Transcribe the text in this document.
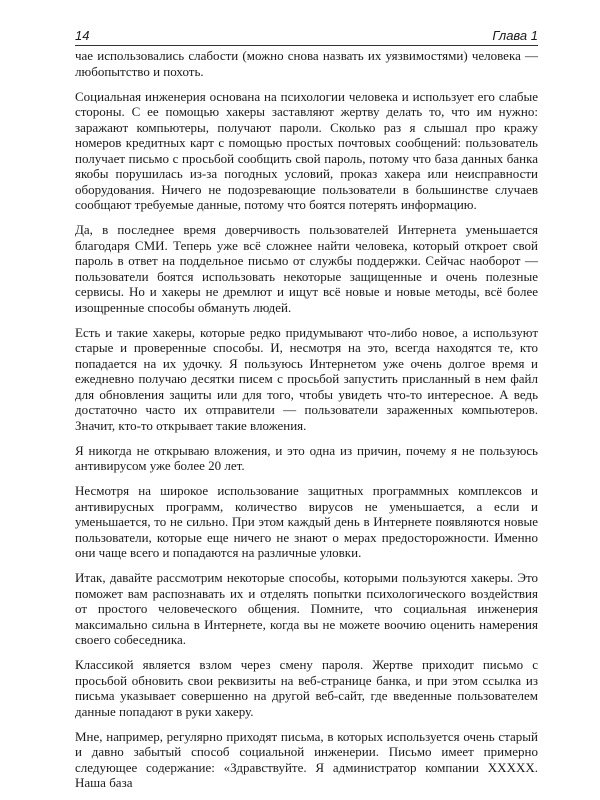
14	Глава 1

чае использовались слабости (можно снова назвать их уязвимостями) человека — любопытство и похоть.

Социальная инженерия основана на психологии человека и использует его слабые стороны. С ее помощью хакеры заставляют жертву делать то, что им нужно: заражают компьютеры, получают пароли. Сколько раз я слышал про кражу номеров кредитных карт с помощью простых почтовых сообщений: пользователь получает письмо с просьбой сообщить свой пароль, потому что база данных банка якобы порушилась из-за погодных условий, проказ хакера или неисправности оборудования. Ничего не подозревающие пользователи в большинстве случаев сообщают требуемые данные, потому что боятся потерять информацию.

Да, в последнее время доверчивость пользователей Интернета уменьшается благодаря СМИ. Теперь уже всё сложнее найти человека, который откроет свой пароль в ответ на поддельное письмо от службы поддержки. Сейчас наоборот — пользователи боятся использовать некоторые защищенные и очень полезные сервисы. Но и хакеры не дремлют и ищут всё новые и новые методы, всё более изощренные способы обмануть людей.

Есть и такие хакеры, которые редко придумывают что-либо новое, а используют старые и проверенные способы. И, несмотря на это, всегда находятся те, кто попадается на их удочку. Я пользуюсь Интернетом уже очень долгое время и ежедневно получаю десятки писем с просьбой запустить присланный в нем файл для обновления защиты или для того, чтобы увидеть что-то интересное. А ведь достаточно часто их отправители — пользователи зараженных компьютеров. Значит, кто-то открывает такие вложения.

Я никогда не открываю вложения, и это одна из причин, почему я не пользуюсь антивирусом уже более 20 лет.

Несмотря на широкое использование защитных программных комплексов и антивирусных программ, количество вирусов не уменьшается, а если и уменьшается, то не сильно. При этом каждый день в Интернете появляются новые пользователи, которые еще ничего не знают о мерах предосторожности. Именно они чаще всего и попадаются на различные уловки.

Итак, давайте рассмотрим некоторые способы, которыми пользуются хакеры. Это поможет вам распознавать их и отделять попытки психологического воздействия от простого человеческого общения. Помните, что социальная инженерия максимально сильна в Интернете, когда вы не можете воочию оценить намерения своего собеседника.

Классикой является взлом через смену пароля. Жертве приходит письмо с просьбой обновить свои реквизиты на веб-странице банка, и при этом ссылка из письма указывает совершенно на другой веб-сайт, где введенные пользователем данные попадают в руки хакеру.

Мне, например, регулярно приходят письма, в которых используется очень старый и давно забытый способ социальной инженерии. Письмо имеет примерно следующее содержание: «Здравствуйте. Я администратор компании ХХХХХ. Наша база
